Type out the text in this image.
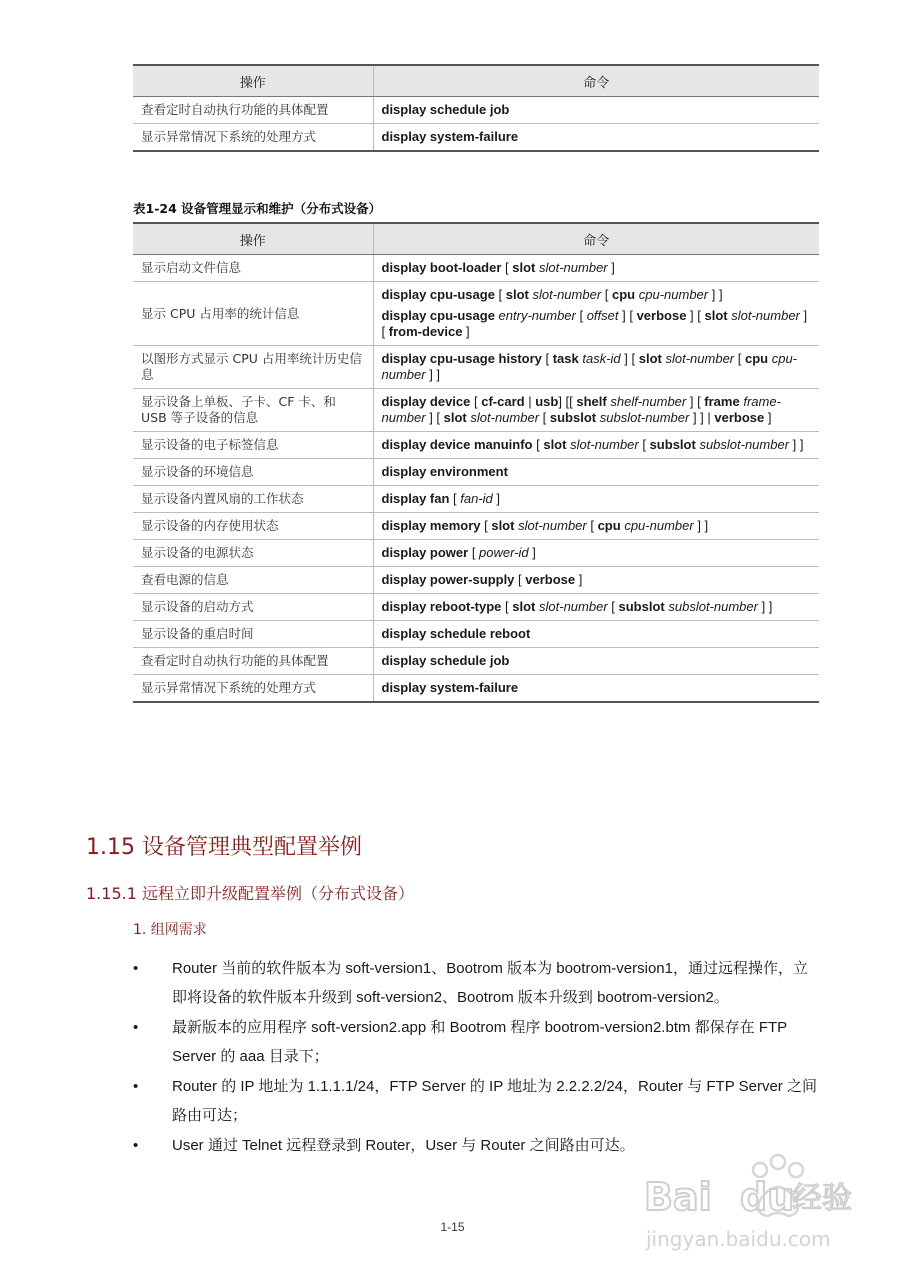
操作	命令
查看定时自动执行功能的具体配置	display schedule job

显示异常情况下系统的处理方式	display system-failure
表1-24 设备管理显示和维护（分布式设备）
操作	命令
显示启动文件信息	display boot-loader [ slot slot-number ]

显示 CPU 占用率的统计信息	display cpu-usage [ slot slot-number [ cpu cpu-number ] ]
display cpu-usage entry-number [ offset ] [ verbose ] [ slot slot-number ] [ from-device ]

以图形方式显示 CPU 占用率统计历史信息	display cpu-usage history [ task task-id ] [ slot slot-number [ cpu cpu-number ] ]

显示设备上单板、子卡、CF 卡、和 USB 等子设备的信息	display device [ cf-card | usb] [[ shelf shelf-number ] [ frame frame-number ] [ slot slot-number [ subslot subslot-number ] ] | verbose ]

显示设备的电子标签信息	display device manuinfo [ slot slot-number [ subslot subslot-number ] ]

显示设备的环境信息	display environment

显示设备内置风扇的工作状态	display fan [ fan-id ]

显示设备的内存使用状态	display memory [ slot slot-number [ cpu cpu-number ] ]

显示设备的电源状态	display power [ power-id ]

查看电源的信息	display power-supply [ verbose ]

显示设备的启动方式	display reboot-type [ slot slot-number [ subslot subslot-number ] ]

显示设备的重启时间	display schedule reboot

查看定时自动执行功能的具体配置	display schedule job

显示异常情况下系统的处理方式	display system-failure
1.15 设备管理典型配置举例
1.15.1 远程立即升级配置举例（分布式设备）
1. 组网需求
• Router 当前的软件版本为 soft-version1、Bootrom 版本为 bootrom-version1，通过远程操作，立即将设备的软件版本升级到 soft-version2、Bootrom 版本升级到 bootrom-version2。
• 最新版本的应用程序 soft-version2.app 和 Bootrom 程序 bootrom-version2.btm 都保存在 FTP Server 的 aaa 目录下；
• Router 的 IP 地址为 1.1.1.1/24，FTP Server 的 IP 地址为 2.2.2.2/24，Router 与 FTP Server 之间路由可达；
• User 通过 Telnet 远程登录到 Router，User 与 Router 之间路由可达。
1-15
Bai du
经验
jingyan.baidu.com
